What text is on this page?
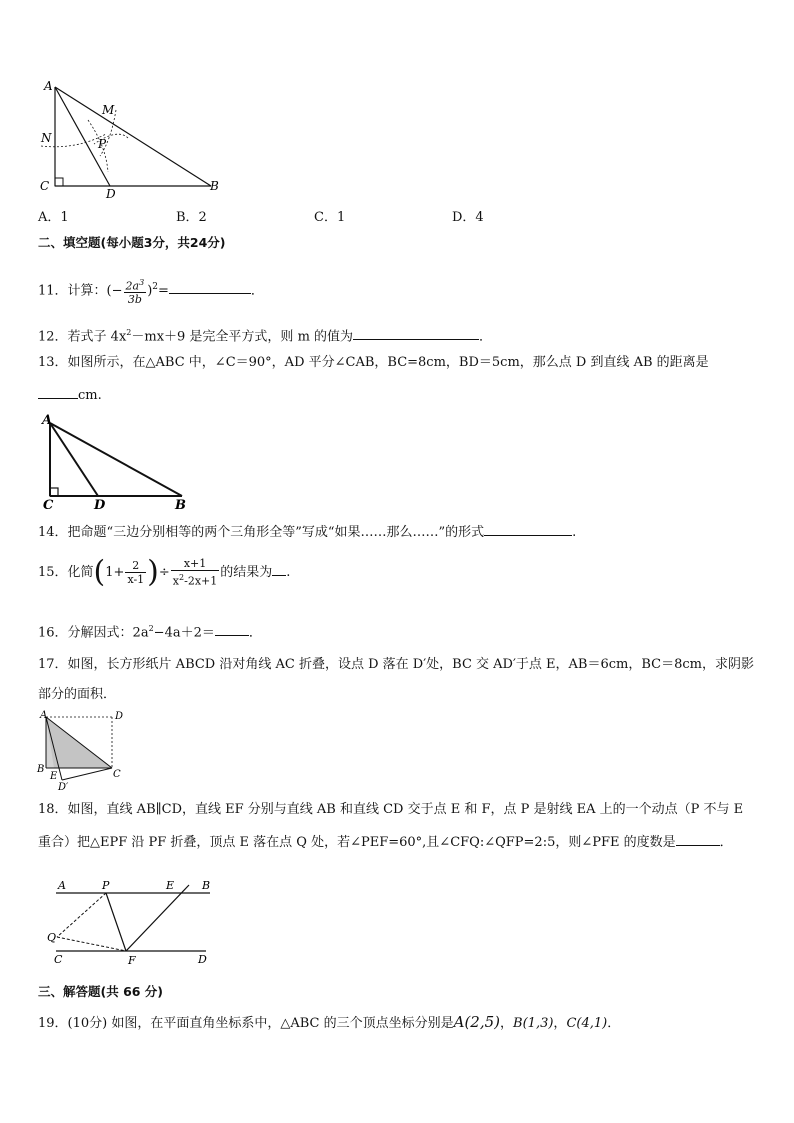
A
M
N	P
C
D
B
A．1	B．2	C．1	D．4
二、填空题(每小题3分，共24分)
11．计算：(− $\frac{2a^3}{3b} )^2=$	．
12．若式子 $4x^2-mx+9$ 是完全平方式，则 m 的值为	．
13．如图所示，在△ABC 中，∠C＝90°，AD 平分∠CAB，BC=8cm，BD＝5cm，那么点 D 到直线 AB 的距离是
cm.
A
C	D	B
14．把命题“三边分别相等的两个三角形全等”写成“如果……那么……”的形式	.
15．化简($1+ \frac{2}{x-1}$ )÷ $\frac{x+1}{x^2-2x+1}$ 的结果为 .
16．分解因式：$2a^2-4a+2=$	．
17．如图，长方形纸片 ABCD 沿对角线 AC 折叠，设点 D 落在 D′处，BC 交 AD′于点 E，AB＝6cm，BC＝8cm，求阴影
部分的面积．
A	D
B
E	C
D′
18．如图，直线 AB∥CD，直线 EF 分别与直线 AB 和直线 CD 交于点 E 和 F，点 P 是射线 EA 上的一个动点（P 不与 E
重合）把△EPF 沿 PF 折叠，顶点 E 落在点 Q 处，若∠PEF=60°,且∠CFQ:∠QFP=2:5，则∠PFE 的度数是	．
A	P	E	B
Q
C	F	D
三、解答题(共 66 分)
19．(10分) 如图，在平面直角坐标系中，△ABC 的三个顶点坐标分别是A(2,5)，B(1,3)，C(4,1)．
